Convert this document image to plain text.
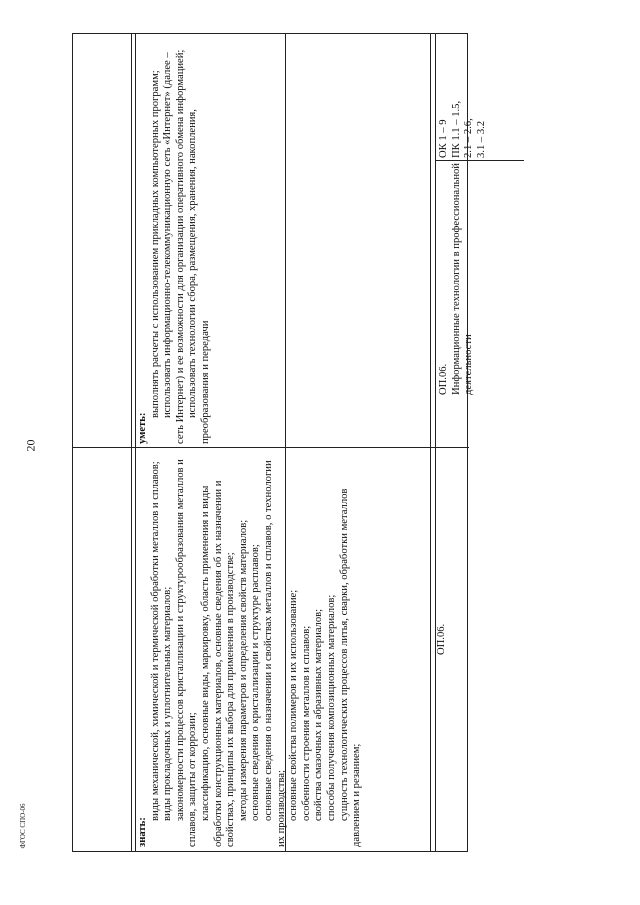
20
ФГОС СПО-06	знать:

виды механической, химической и термической обработки металлов и сплавов; виды прокладочных и уплотнительных материалов; закономерности процессов кристаллизации и структурообразования металлов и сплавов, защиты от коррозии; классификацию, основные виды, маркировку, область применения и виды обработки конструкционных материалов, основные сведения об их назначении и свойствах, принципы их выбора для применения в производстве; методы измерения параметров и определения свойств материалов; основные сведения о кристаллизации и структуре расплавов; основные сведения о назначении и свойствах металлов и сплавов, о технологии их производства; основные свойства полимеров и их использование; особенности строения металлов и сплавов; свойства смазочных и абразивных материалов; способы получения композиционных материалов; сущность технологических процессов литья, сварки, обработки металлов давлением и резанием;

уметь:

выполнять расчеты с использованием прикладных компьютерных программ; использовать информационно-телекоммуникационную сеть «Интернет» (далее – сеть Интернет) и ее возможности для организации оперативного обмена информацией; использовать технологии сбора, размещения, хранения, накопления, преобразования и передачи

ОП.06.
ОП.06. Информационные технологии в профессиональной деятельности
ОК 1 – 9 ПК 1.1 – 1.5, 2.1 – 2.6, 3.1 – 3.2
